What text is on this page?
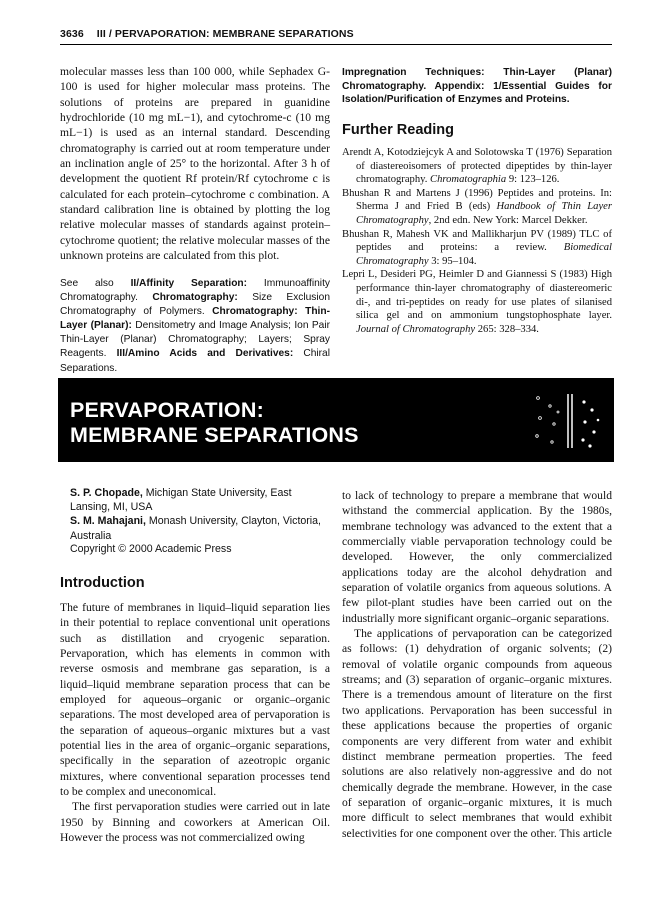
3636 III / PERVAPORATION: MEMBRANE SEPARATIONS

molecular masses less than 100 000, while Sephadex G-100 is used for higher molecular mass proteins. The solutions of proteins are prepared in guanidine hydrochloride (10 mg mL−1), and cytochrome-c (10 mg mL−1) is used as an internal standard. Descending chromatography is carried out at room temperature under an inclination angle of 25° to the horizontal. After 3 h of development the quotient Rf protein/Rf cytochrome c is calculated for each protein–cytochrome c combination. A standard calibration line is obtained by plotting the log relative molecular masses of standards against protein–cytochrome quotient; the relative molecular masses of the unknown proteins are calculated from this plot.

See also II/Affinity Separation: Immunoaffinity Chromatography. Chromatography: Size Exclusion Chromatography of Polymers. Chromatography: Thin-Layer (Planar): Densitometry and Image Analysis; Ion Pair Thin-Layer (Planar) Chromatography; Layers; Spray Reagents. III/Amino Acids and Derivatives: Chiral Separations.
Impregnation Techniques: Thin-Layer (Planar) Chromatography. Appendix: 1/Essential Guides for Isolation/Purification of Enzymes and Proteins.
Further Reading
Arendt A, Kotodziejcyk A and Solotowska T (1976) Separation of diastereoisomers of protected dipeptides by thin-layer chromatography. Chromatographia 9: 123–126.
Bhushan R and Martens J (1996) Peptides and proteins. In: Sherma J and Fried B (eds) Handbook of Thin Layer Chromatography, 2nd edn. New York: Marcel Dekker.
Bhushan R, Mahesh VK and Mallikharjun PV (1989) TLC of peptides and proteins: a review. Biomedical Chromatography 3: 95–104.
Lepri L, Desideri PG, Heimler D and Giannessi S (1983) High performance thin-layer chromatography of diastereomeric di-, and tri-peptides on ready for use plates of silanised silica gel and on ammonium tungstophosphate layer. Journal of Chromatography 265: 328–334.
PERVAPORATION:
MEMBRANE SEPARATIONS
S. P. Chopade, Michigan State University, East Lansing, MI, USA
S. M. Mahajani, Monash University, Clayton, Victoria, Australia
Copyright © 2000 Academic Press
Introduction

The future of membranes in liquid–liquid separation lies in their potential to replace conventional unit operations such as distillation and cryogenic separation. Pervaporation, which has elements in common with reverse osmosis and membrane gas separation, is a liquid–liquid membrane separation process that can be employed for aqueous–organic or organic–organic separations. The most developed area of pervaporation is the separation of aqueous–organic mixtures but a vast potential lies in the area of organic–organic separations, specifically in the separation of azeotropic organic mixtures, where conventional separation processes tend to be complex and uneconomical.

The first pervaporation studies were carried out in late 1950 by Binning and coworkers at American Oil. However the process was not commercialized owing

to lack of technology to prepare a membrane that would withstand the commercial application. By the 1980s, membrane technology was advanced to the extent that a commercially viable pervaporation technology could be developed. However, the only commercialized applications today are the alcohol dehydration and separation of volatile organics from aqueous solutions. A few pilot-plant studies have been carried out on the industrially more significant organic–organic separations.

The applications of pervaporation can be categorized as follows: (1) dehydration of organic solvents; (2) removal of volatile organic compounds from aqueous streams; and (3) separation of organic–organic mixtures. There is a tremendous amount of literature on the first two applications. Pervaporation has been successful in these applications because the properties of organic components are very different from water and exhibit distinct membrane permeation properties. The feed solutions are also relatively non-aggressive and do not chemically degrade the membrane. However, in the case of separation of organic–organic mixtures, it is much more difficult to select membranes that would exhibit selectivities for one component over the other. This article
